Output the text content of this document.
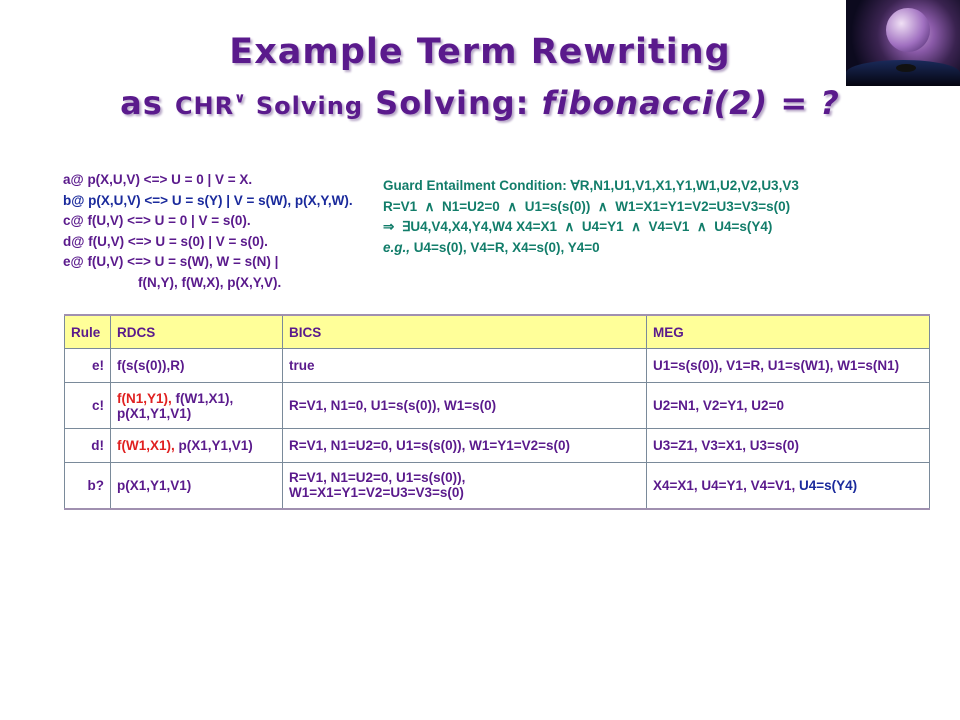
Example Term Rewriting
as CHR∨ Solving Solving: fibonacci(2) = ?
a@ p(X,U,V) <=> U = 0 | V = X.
b@ p(X,U,V) <=> U = s(Y) | V = s(W), p(X,Y,W).
c@ f(U,V) <=> U = 0 | V = s(0).
d@ f(U,V) <=> U = s(0) | V = s(0).
e@ f(U,V) <=> U = s(W), W = s(N) |
f(N,Y), f(W,X), p(X,Y,V).
Guard Entailment Condition: ∀R,N1,U1,V1,X1,Y1,W1,U2,V2,U3,V3
R=V1  ∧  N1=U2=0  ∧  U1=s(s(0))  ∧  W1=X1=Y1=V2=U3=V3=s(0)
⇒  ∃U4,V4,X4,Y4,W4 X4=X1  ∧  U4=Y1  ∧  V4=V1  ∧  U4=s(Y4)
e.g., U4=s(0), V4=R, X4=s(0), Y4=0
Rule	RDCS	BICS	MEG
e!	f(s(s(0)),R)	true	U1=s(s(0)), V1=R, U1=s(W1), W1=s(N1)
c!	f(N1,Y1), f(W1,X1), p(X1,Y1,V1)	R=V1, N1=0, U1=s(s(0)), W1=s(0)	U2=N1, V2=Y1, U2=0
d!	f(W1,X1), p(X1,Y1,V1)	R=V1, N1=U2=0, U1=s(s(0)), W1=Y1=V2=s(0)	U3=Z1, V3=X1, U3=s(0)
b?	p(X1,Y1,V1)	R=V1, N1=U2=0, U1=s(s(0)), W1=X1=Y1=V2=U3=V3=s(0)	X4=X1, U4=Y1, V4=V1, U4=s(Y4)
